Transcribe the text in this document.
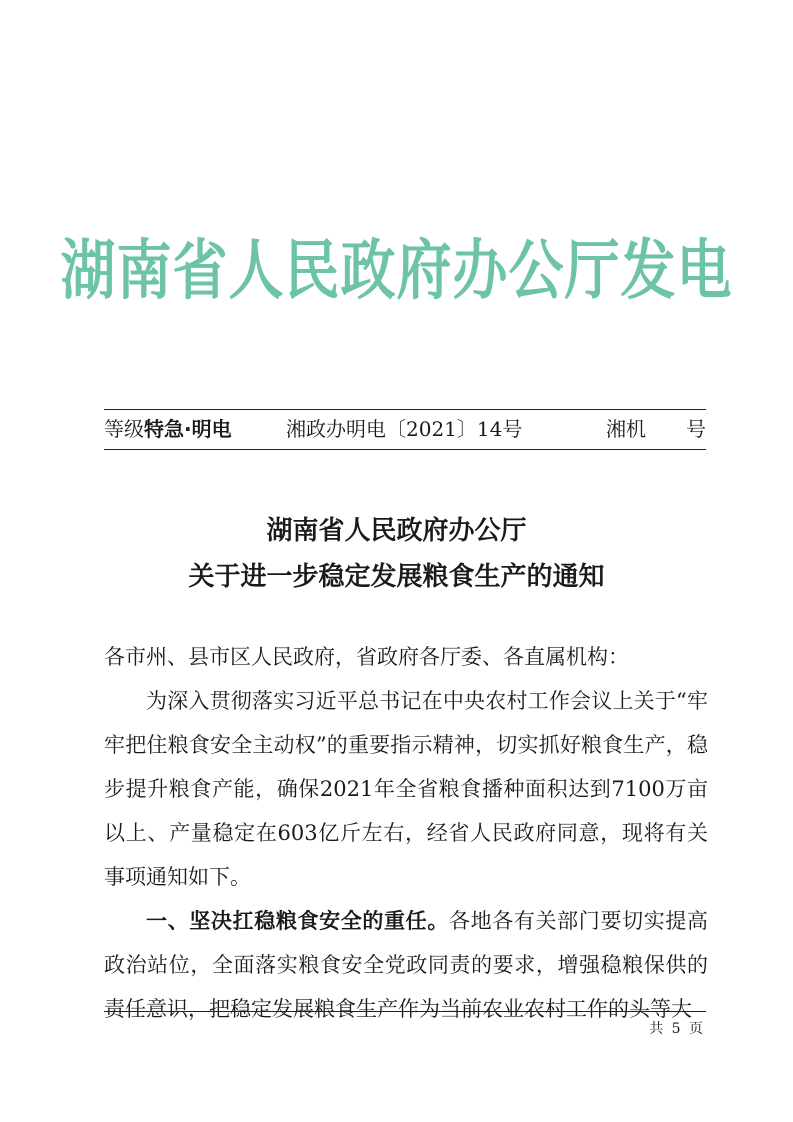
湖南省人民政府办公厅发电
等级特急·明电	湘政办明电〔2021〕14号	湘机　　号
湖南省人民政府办公厅
关于进一步稳定发展粮食生产的通知

各市州、县市区人民政府，省政府各厅委、各直属机构：

为深入贯彻落实习近平总书记在中央农村工作会议上关于“牢牢把住粮食安全主动权”的重要指示精神，切实抓好粮食生产，稳步提升粮食产能，确保2021年全省粮食播种面积达到7100万亩以上、产量稳定在603亿斤左右，经省人民政府同意，现将有关事项通知如下。

一、坚决扛稳粮食安全的重任。各地各有关部门要切实提高政治站位，全面落实粮食安全党政同责的要求，增强稳粮保供的责任意识，把稳定发展粮食生产作为当前农业农村工作的头等大

共 5 页
